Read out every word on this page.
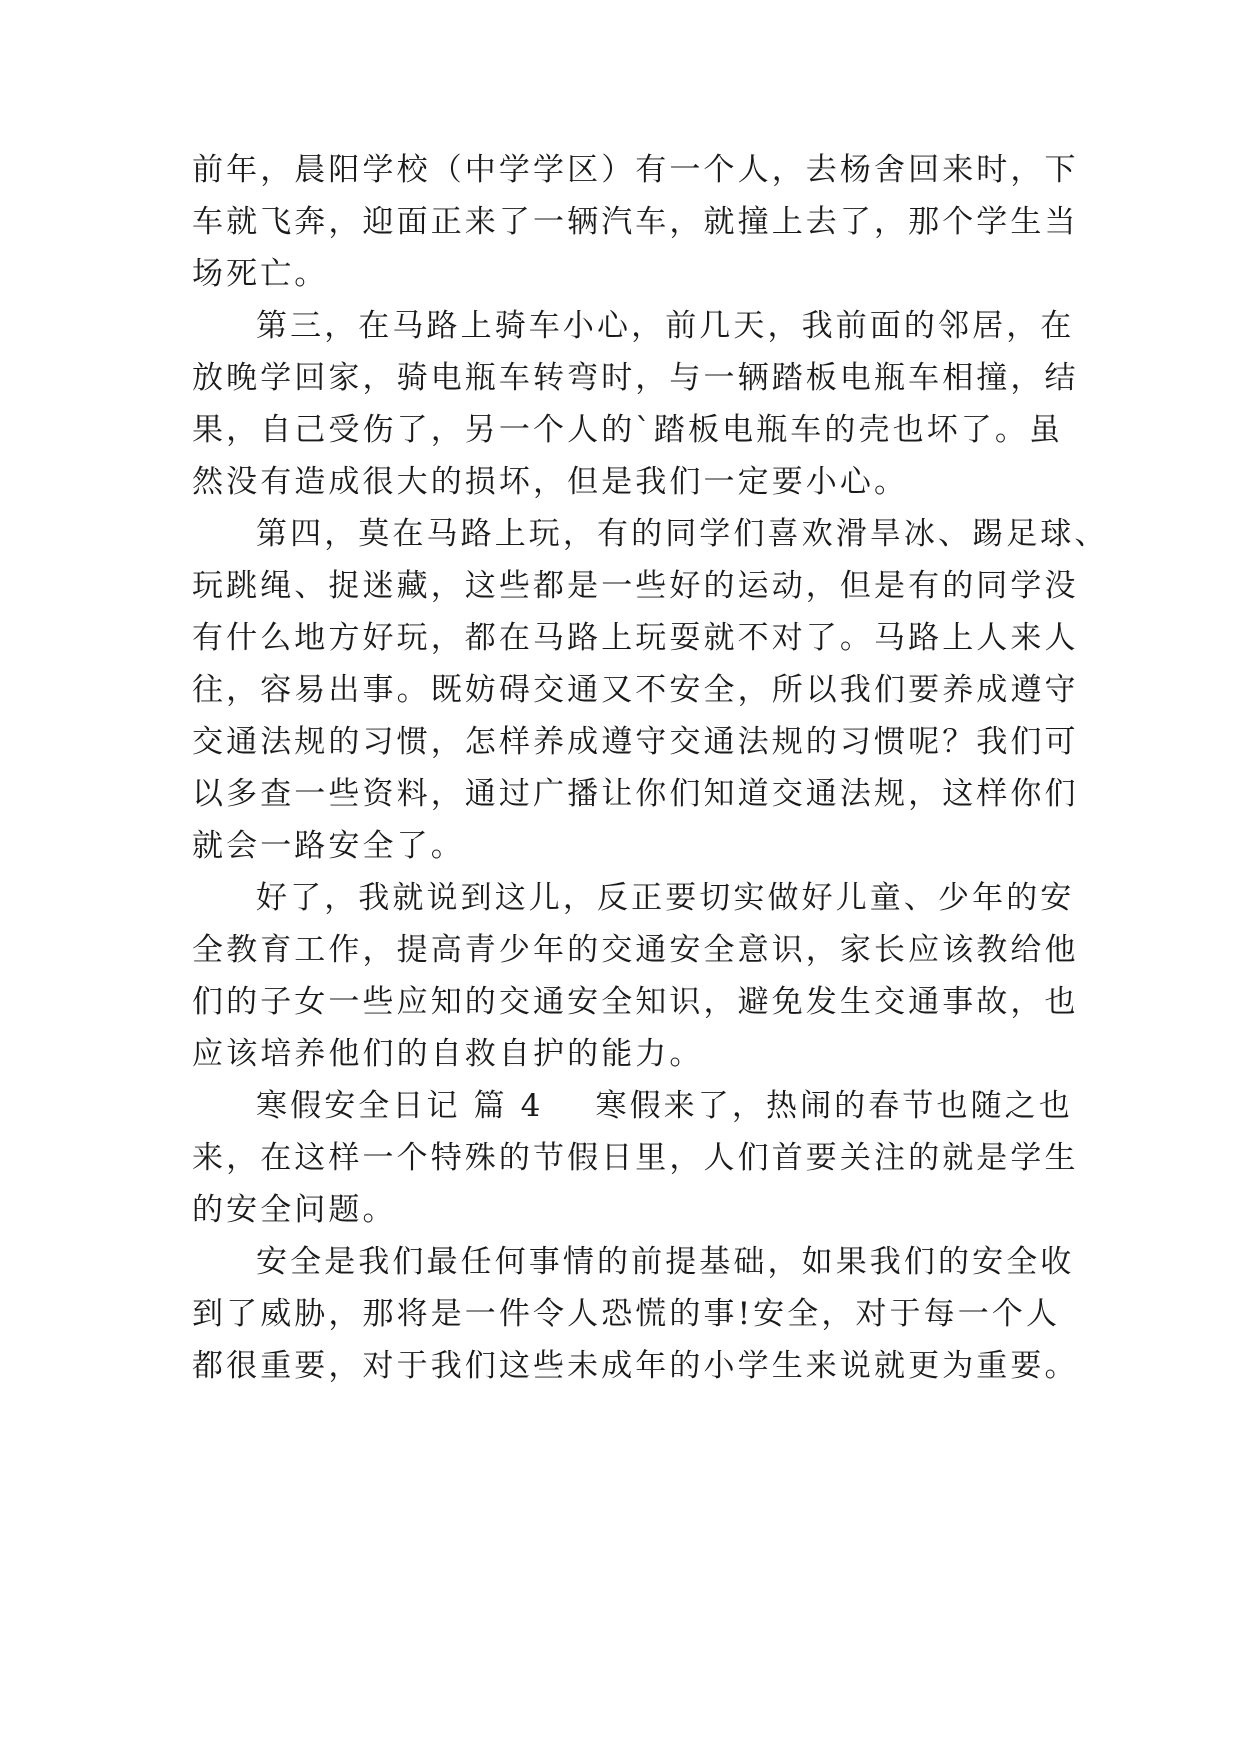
前年，晨阳学校（中学学区）有一个人，去杨舍回来时，下
车就飞奔，迎面正来了一辆汽车，就撞上去了，那个学生当
场死亡。
第三，在马路上骑车小心，前几天，我前面的邻居，在
放晚学回家，骑电瓶车转弯时，与一辆踏板电瓶车相撞，结
果，自己受伤了，另一个人的`踏板电瓶车的壳也坏了。虽
然没有造成很大的损坏，但是我们一定要小心。
第四，莫在马路上玩，有的同学们喜欢滑旱冰、踢足球、
玩跳绳、捉迷藏，这些都是一些好的运动，但是有的同学没
有什么地方好玩，都在马路上玩耍就不对了。马路上人来人
往，容易出事。既妨碍交通又不安全，所以我们要养成遵守
交通法规的习惯，怎样养成遵守交通法规的习惯呢？我们可
以多查一些资料，通过广播让你们知道交通法规，这样你们
就会一路安全了。
好了，我就说到这儿，反正要切实做好儿童、少年的安
全教育工作，提高青少年的交通安全意识，家长应该教给他
们的子女一些应知的交通安全知识，避免发生交通事故，也
应该培养他们的自救自护的能力。
寒假安全日记 篇 4 寒假来了，热闹的春节也随之也
来，在这样一个特殊的节假日里，人们首要关注的就是学生
的安全问题。
安全是我们最任何事情的前提基础，如果我们的安全收
到了威胁，那将是一件令人恐慌的事!安全，对于每一个人
都很重要，对于我们这些未成年的小学生来说就更为重要。
